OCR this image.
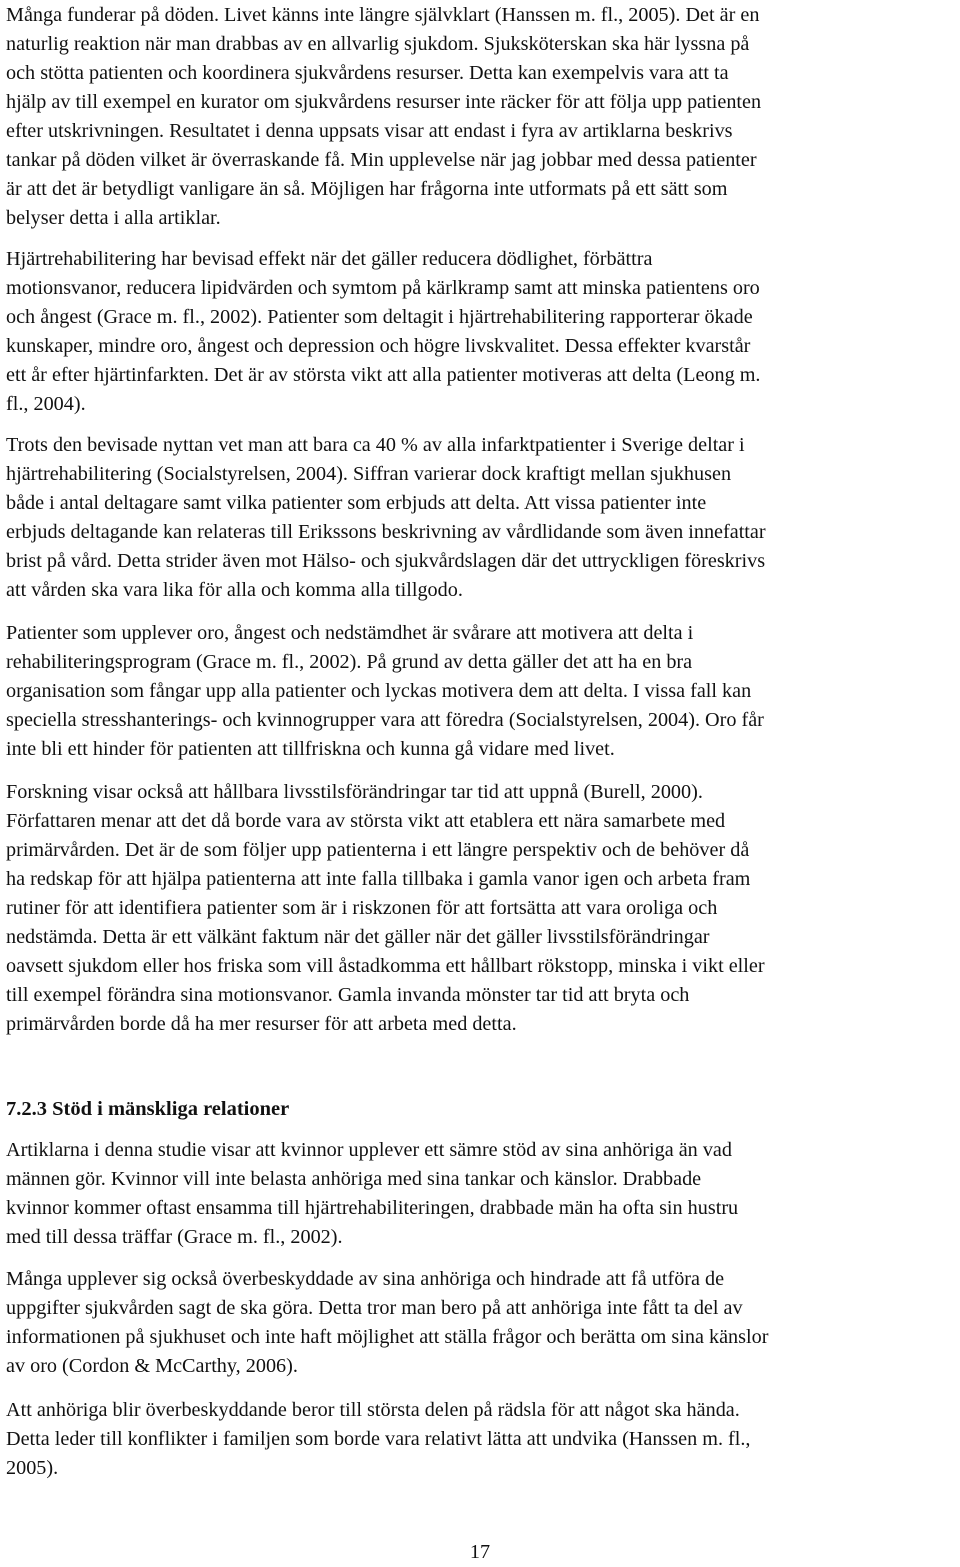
Många funderar på döden. Livet känns inte längre självklart (Hanssen m. fl., 2005). Det är en
naturlig reaktion när man drabbas av en allvarlig sjukdom. Sjuksköterskan ska här lyssna på
och stötta patienten och koordinera sjukvårdens resurser. Detta kan exempelvis vara att ta
hjälp av till exempel en kurator om sjukvårdens resurser inte räcker för att följa upp patienten
efter utskrivningen. Resultatet i denna uppsats visar att endast i fyra av artiklarna beskrivs
tankar på döden vilket är överraskande få. Min upplevelse när jag jobbar med dessa patienter
är att det är betydligt vanligare än så. Möjligen har frågorna inte utformats på ett sätt som
belyser detta i alla artiklar.

Hjärtrehabilitering har bevisad effekt när det gäller reducera dödlighet, förbättra
motionsvanor, reducera lipidvärden och symtom på kärlkramp samt att minska patientens oro
och ångest (Grace m. fl., 2002). Patienter som deltagit i hjärtrehabilitering rapporterar ökade
kunskaper, mindre oro, ångest och depression och högre livskvalitet. Dessa effekter kvarstår
ett år efter hjärtinfarkten. Det är av största vikt att alla patienter motiveras att delta (Leong m.
fl., 2004).

Trots den bevisade nyttan vet man att bara ca 40 % av alla infarktpatienter i Sverige deltar i
hjärtrehabilitering (Socialstyrelsen, 2004). Siffran varierar dock kraftigt mellan sjukhusen
både i antal deltagare samt vilka patienter som erbjuds att delta. Att vissa patienter inte
erbjuds deltagande kan relateras till Erikssons beskrivning av vårdlidande som även innefattar
brist på vård. Detta strider även mot Hälso- och sjukvårdslagen där det uttryckligen föreskrivs
att vården ska vara lika för alla och komma alla tillgodo.

Patienter som upplever oro, ångest och nedstämdhet är svårare att motivera att delta i
rehabiliteringsprogram (Grace m. fl., 2002). På grund av detta gäller det att ha en bra
organisation som fångar upp alla patienter och lyckas motivera dem att delta. I vissa fall kan
speciella stresshanterings- och kvinnogrupper vara att föredra (Socialstyrelsen, 2004). Oro får
inte bli ett hinder för patienten att tillfriskna och kunna gå vidare med livet.

Forskning visar också att hållbara livsstilsförändringar tar tid att uppnå (Burell, 2000).
Författaren menar att det då borde vara av största vikt att etablera ett nära samarbete med
primärvården. Det är de som följer upp patienterna i ett längre perspektiv och de behöver då
ha redskap för att hjälpa patienterna att inte falla tillbaka i gamla vanor igen och arbeta fram
rutiner för att identifiera patienter som är i riskzonen för att fortsätta att vara oroliga och
nedstämda. Detta är ett välkänt faktum när det gäller när det gäller livsstilsförändringar
oavsett sjukdom eller hos friska som vill åstadkomma ett hållbart rökstopp, minska i vikt eller
till exempel förändra sina motionsvanor. Gamla invanda mönster tar tid att bryta och
primärvården borde då ha mer resurser för att arbeta med detta.

7.2.3 Stöd i mänskliga relationer

Artiklarna i denna studie visar att kvinnor upplever ett sämre stöd av sina anhöriga än vad
männen gör. Kvinnor vill inte belasta anhöriga med sina tankar och känslor. Drabbade
kvinnor kommer oftast ensamma till hjärtrehabiliteringen, drabbade män ha ofta sin hustru
med till dessa träffar (Grace m. fl., 2002).

Många upplever sig också överbeskyddade av sina anhöriga och hindrade att få utföra de
uppgifter sjukvården sagt de ska göra. Detta tror man bero på att anhöriga inte fått ta del av
informationen på sjukhuset och inte haft möjlighet att ställa frågor och berätta om sina känslor
av oro (Cordon & McCarthy, 2006).

Att anhöriga blir överbeskyddande beror till största delen på rädsla för att något ska hända.
Detta leder till konflikter i familjen som borde vara relativt lätta att undvika (Hanssen m. fl.,
2005).

17
